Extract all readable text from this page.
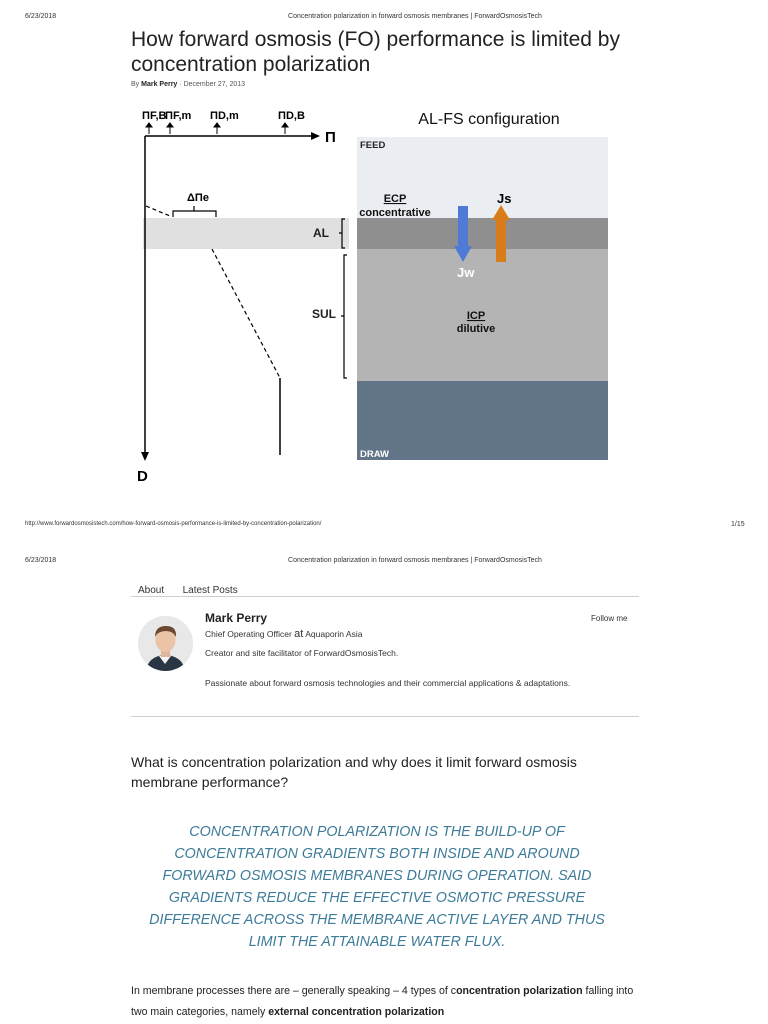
6/23/2018	Concentration polarization in forward osmosis membranes | ForwardOsmosisTech
How forward osmosis (FO) performance is limited by concentration polarization
By Mark Perry · December 27, 2013
AL-FS configuration
FEED
DRAW
Π
D
ΠF,B
ΠF,m ΠD,m	ΠD,B
ΔΠe
AL
SUL
ECP
concentrative
ICP
dilutive
Jw
Js
http://www.forwardosmosistech.com/how-forward-osmosis-performance-is-limited-by-concentration-polarization/	1/15
6/23/2018	Concentration polarization in forward osmosis membranes | ForwardOsmosisTech
About Latest Posts
Mark Perry	Follow me
Chief Operating Officer at Aquaporin Asia
Creator and site facilitator of ForwardOsmosisTech.
Passionate about forward osmosis technologies and their commercial applications & adaptations.
What is concentration polarization and why does it limit forward osmosis membrane performance?
CONCENTRATION POLARIZATION IS THE BUILD-UP OF CONCENTRATION GRADIENTS BOTH INSIDE AND AROUND FORWARD OSMOSIS MEMBRANES DURING OPERATION. SAID GRADIENTS REDUCE THE EFFECTIVE OSMOTIC PRESSURE DIFFERENCE ACROSS THE MEMBRANE ACTIVE LAYER AND THUS LIMIT THE ATTAINABLE WATER FLUX.
In membrane processes there are – generally speaking – 4 types of concentration polarization falling into two main categories, namely external concentration polarization
